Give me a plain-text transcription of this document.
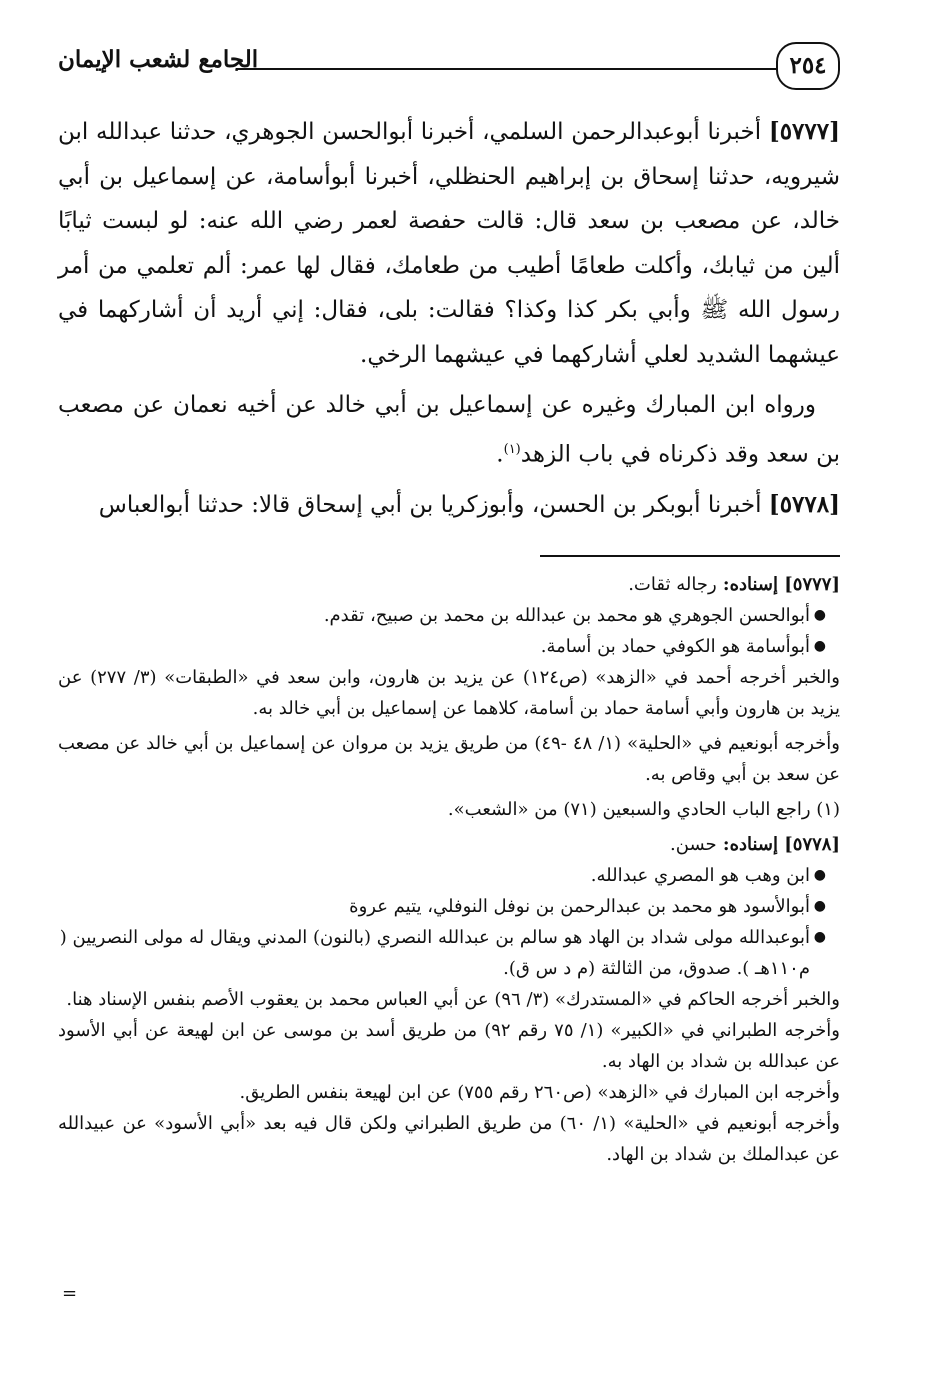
٢٥٤
الجامع لشعب الإيمان

[٥٧٧٧] أخبرنا أبوعبدالرحمن السلمي، أخبرنا أبوالحسن الجوهري، حدثنا عبدالله ابن شيرويه، حدثنا إسحاق بن إبراهيم الحنظلي، أخبرنا أبوأسامة، عن إسماعيل بن أبي خالد، عن مصعب بن سعد قال: قالت حفصة لعمر رضي الله عنه: لو لبست ثيابًا ألين من ثيابك، وأكلت طعامًا أطيب من طعامك، فقال لها عمر: ألم تعلمي من أمر رسول الله ﷺ وأبي بكر كذا وكذا؟ فقالت: بلى، فقال: إني أريد أن أشاركهما في عيشهما الشديد لعلي أشاركهما في عيشهما الرخي.

ورواه ابن المبارك وغيره عن إسماعيل بن أبي خالد عن أخيه نعمان عن مصعب بن سعد وقد ذكرناه في باب الزهد$^{(١)}$.

[٥٧٧٨] أخبرنا أبوبكر بن الحسن، وأبوزكريا بن أبي إسحاق قالا: حدثنا أبوالعباس

[٥٧٧٧] إسناده: رجاله ثقات.

●
أبوالحسن الجوهري هو محمد بن عبدالله بن محمد بن صبيح، تقدم.
●
أبوأسامة هو الكوفي حماد بن أسامة.

والخبر أخرجه أحمد في «الزهد» (ص١٢٤) عن يزيد بن هارون، وابن سعد في «الطبقات» (٣/ ٢٧٧) عن يزيد بن هارون وأبي أسامة حماد بن أسامة، كلاهما عن إسماعيل بن أبي خالد به.

وأخرجه أبونعيم في «الحلية» (١/ ٤٨ -٤٩) من طريق يزيد بن مروان عن إسماعيل بن أبي خالد عن مصعب عن سعد بن أبي وقاص به.

(١) راجع الباب الحادي والسبعين (٧١) من «الشعب».

[٥٧٧٨] إسناده: حسن.

●
ابن وهب هو المصري عبدالله.
●
أبوالأسود هو محمد بن عبدالرحمن بن نوفل النوفلي، يتيم عروة
●
أبوعبدالله مولى شداد بن الهاد هو سالم بن عبدالله النصري (بالنون) المدني ويقال له مولى النصريين ( م١١٠هـ ). صدوق، من الثالثة (م د س ق).

والخبر أخرجه الحاكم في «المستدرك» (٣/ ٩٦) عن أبي العباس محمد بن يعقوب الأصم بنفس الإسناد هنا.

وأخرجه الطبراني في «الكبير» (١/ ٧٥ رقم ٩٢) من طريق أسد بن موسى عن ابن لهيعة عن أبي الأسود عن عبدالله بن شداد بن الهاد به.

وأخرجه ابن المبارك في «الزهد» (ص٢٦٠ رقم ٧٥٥) عن ابن لهيعة بنفس الطريق.

وأخرجه أبونعيم في «الحلية» (١/ ٦٠) من طريق الطبراني ولكن قال فيه بعد «أبي الأسود» عن عبيدالله عن عبدالملك بن شداد بن الهاد.

=
